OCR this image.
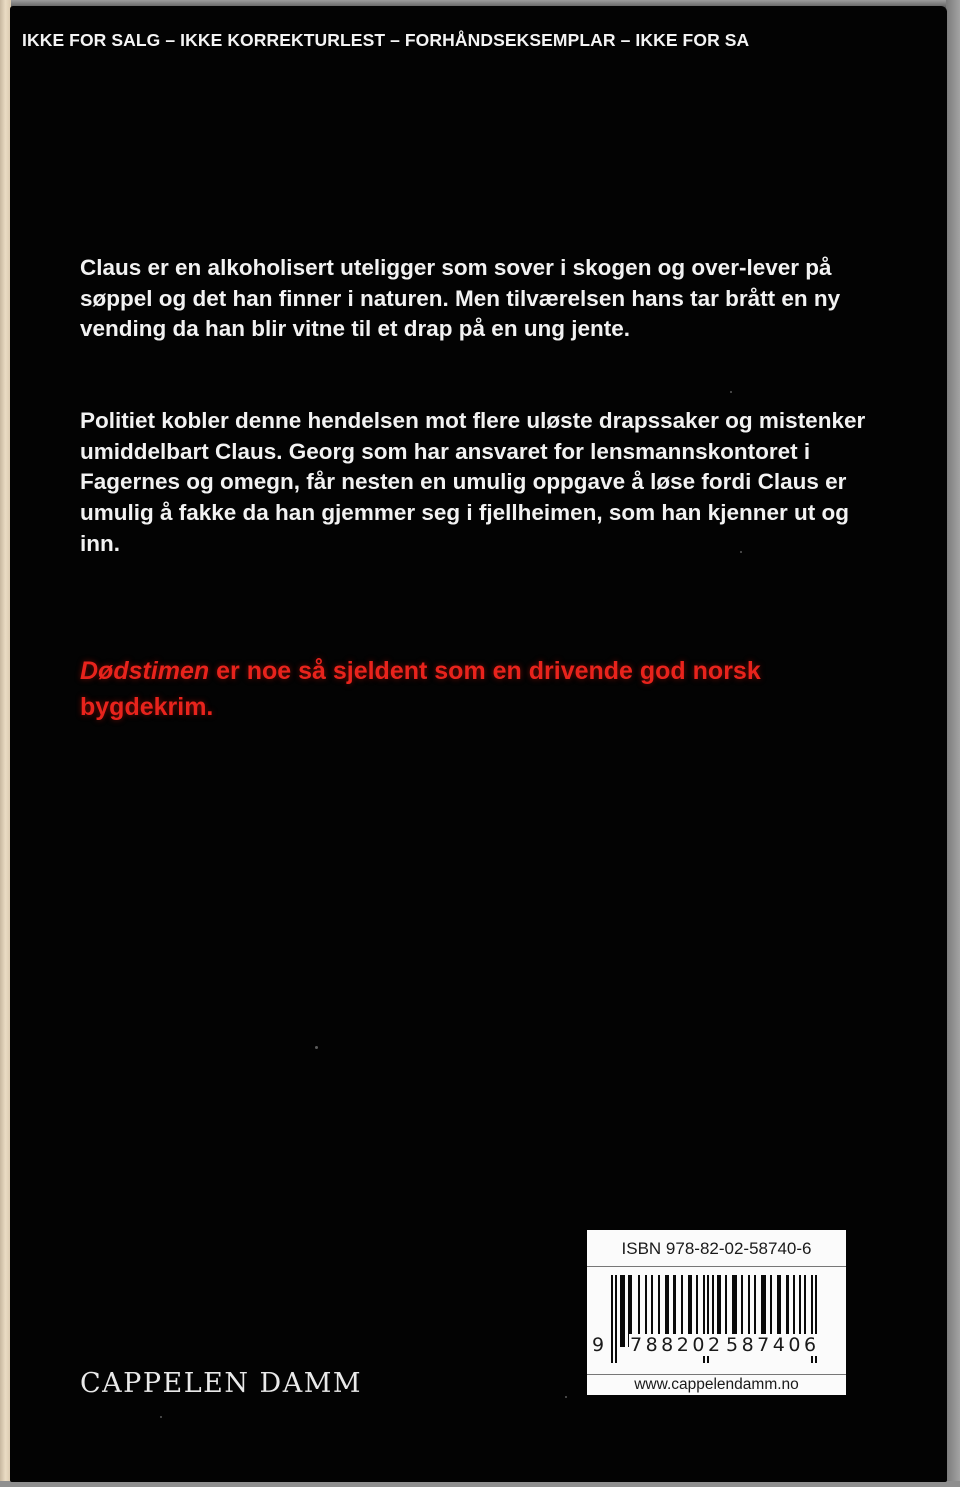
IKKE FOR SALG – IKKE KORREKTURLEST – FORHÅNDSEKSEMPLAR – IKKE FOR SA

Claus er en alkoholisert uteligger som sover i skogen og over-lever på søppel og det han finner i naturen. Men tilværelsen hans tar brått en ny vending da han blir vitne til et drap på en ung jente.

Politiet kobler denne hendelsen mot flere uløste drapssaker og mistenker umiddelbart Claus. Georg som har ansvaret for lensmannskontoret i Fagernes og omegn, får nesten en umulig oppgave å løse fordi Claus er umulig å fakke da han gjemmer seg i fjellheimen, som han kjenner ut og inn.

Dødstimen er noe så sjeldent som en drivende god norsk bygdekrim.
CAPPELEN DAMM
ISBN 978-82-02-58740-6
9 788202 587406
www.cappelendamm.no
